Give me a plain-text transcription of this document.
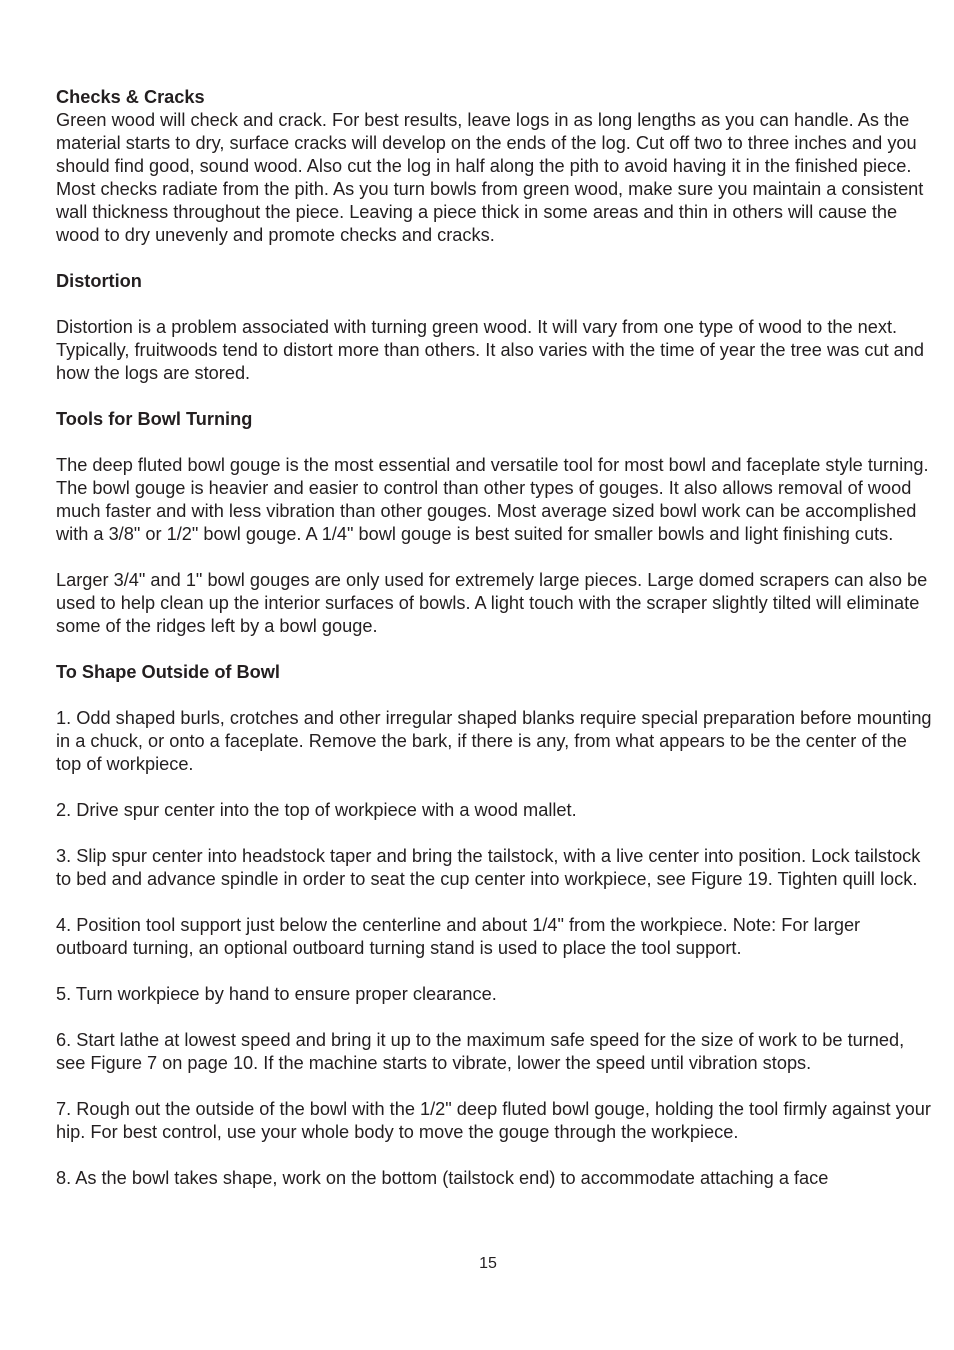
Checks & Cracks

Green wood will check and crack. For best results, leave logs in as long lengths as you can handle. As the material starts to dry, surface cracks will develop on the ends of the log. Cut off two to three inches and you should find good, sound wood. Also cut the log in half along the pith to avoid having it in the finished piece. Most checks radiate from the pith. As you turn bowls from green wood, make sure you maintain a consistent wall thickness throughout the piece. Leaving a piece thick in some areas and thin in others will cause the wood to dry unevenly and promote checks and cracks.

Distortion

Distortion is a problem associated with turning green wood. It will vary from one type of wood to the next. Typically, fruitwoods tend to distort more than others. It also varies with the time of year the tree was cut and how the logs are stored.

Tools for Bowl Turning

The deep fluted bowl gouge is the most essential and versatile tool for most bowl and faceplate style turning. The bowl gouge is heavier and easier to control than other types of gouges. It also allows removal of wood much faster and with less vibration than other gouges. Most average sized bowl work can be accomplished with a 3/8" or 1/2" bowl gouge. A 1/4" bowl gouge is best suited for smaller bowls and light finishing cuts.

Larger 3/4" and 1" bowl gouges are only used for extremely large pieces. Large domed scrapers can also be used to help clean up the interior surfaces of bowls. A light touch with the scraper slightly tilted will eliminate some of the ridges left by a bowl gouge.

To Shape Outside of Bowl

1. Odd shaped burls, crotches and other irregular shaped blanks require special preparation before mounting in a chuck, or onto a faceplate. Remove the bark, if there is any, from what appears to be the center of the top of workpiece.

2. Drive spur center into the top of workpiece with a wood mallet.

3. Slip spur center into headstock taper and bring the tailstock, with a live center into position. Lock tailstock to bed and advance spindle in order to seat the cup center into workpiece, see Figure 19. Tighten quill lock.

4. Position tool support just below the centerline and about 1/4" from the workpiece. Note: For larger outboard turning, an optional outboard turning stand is used to place the tool support.

5. Turn workpiece by hand to ensure proper clearance.

6. Start lathe at lowest speed and bring it up to the maximum safe speed for the size of work to be turned, see Figure 7 on page 10. If the machine starts to vibrate, lower the speed until vibration stops.

7. Rough out the outside of the bowl with the 1/2" deep fluted bowl gouge, holding the tool firmly against your hip. For best control, use your whole body to move the gouge through the workpiece.

8. As the bowl takes shape, work on the bottom (tailstock end) to accommodate attaching a face

15
